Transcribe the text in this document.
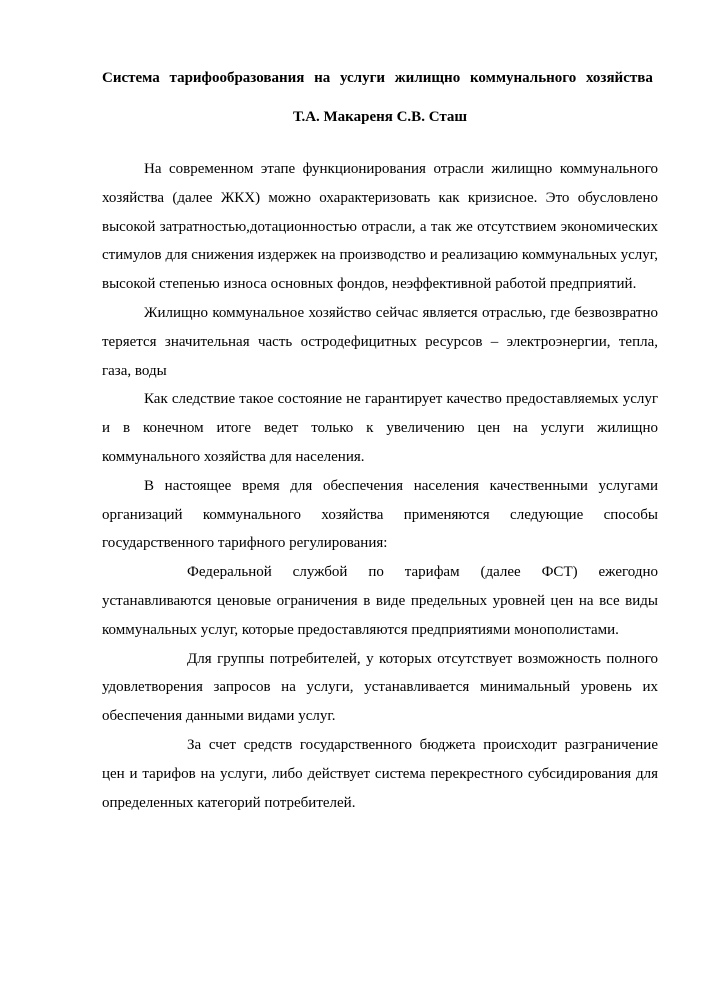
Система тарифообразования на услуги жилищно коммунального хозяйства

Т.А. Макареня С.В. Сташ

На современном этапе функционирования отрасли жилищно коммунального хозяйства (далее ЖКХ) можно охарактеризовать как кризисное. Это обусловлено высокой затратностью,дотационностью отрасли, а так же отсутствием экономических стимулов для снижения издержек на производство и реализацию коммунальных услуг, высокой степенью износа основных фондов, неэффективной работой предприятий.

Жилищно коммунальное хозяйство сейчас является отраслью, где безвозвратно теряется значительная часть остродефицитных ресурсов – электроэнергии, тепла, газа, воды

Как следствие такое состояние не гарантирует качество предоставляемых услуг и в конечном итоге ведет только к увеличению цен на услуги жилищно коммунального хозяйства для населения.

В настоящее время для обеспечения населения качественными услугами организаций коммунального хозяйства применяются следующие способы государственного тарифного регулирования:

Федеральной службой по тарифам (далее ФСТ) ежегодно устанавливаются ценовые ограничения в виде предельных уровней цен на все виды коммунальных услуг, которые предоставляются предприятиями монополистами.

Для группы потребителей, у которых отсутствует возможность полного удовлетворения запросов на услуги, устанавливается минимальный уровень их обеспечения данными видами услуг.

За счет средств государственного бюджета происходит разграничение цен и тарифов на услуги, либо действует система перекрестного субсидирования для определенных категорий потребителей.
